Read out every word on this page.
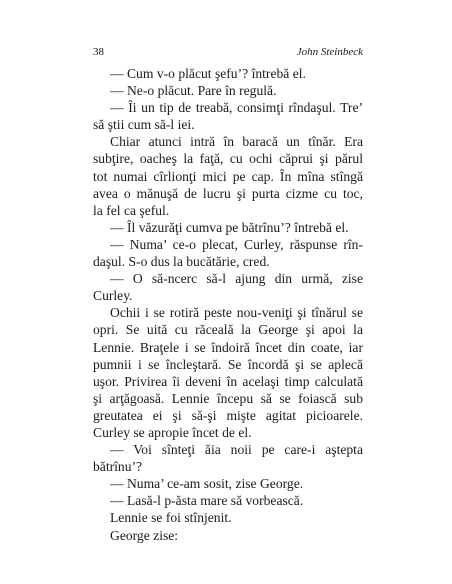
38	John Steinbeck
— Cum v-o plăcut şefu’? întrebă el.
— Ne-o plăcut. Pare în regulă.
— Îi un tip de treabă, consimţi rîndaşul. Tre’
să ştii cum să-l iei.
Chiar atunci intră în baracă un tînăr. Era
subţire, oacheş la faţă, cu ochi căprui şi părul
tot numai cîrlionţi mici pe cap. În mîna stîngă
avea o mănuşă de lucru şi purta cizme cu toc,
la fel ca şeful.
— Îl văzurăţi cumva pe bătrînu’? întrebă el.
— Numa’ ce-o plecat, Curley, răspunse rîn-
daşul. S-o dus la bucătărie, cred.
— O să-ncerc să-l ajung din urmă, zise
Curley.
Ochii i se rotiră peste nou-veniţi şi tînărul se
opri. Se uită cu răceală la George şi apoi la
Lennie. Braţele i se îndoiră încet din coate, iar
pumnii i se încleştară. Se încordă şi se aplecă
uşor. Privirea îi deveni în acelaşi timp calculată
şi arţăgoasă. Lennie începu să se foiască sub
greutatea ei şi să-şi mişte agitat picioarele.
Curley se apropie încet de el.
— Voi sînteţi ăia noii pe care-i aştepta
bătrînu’?
— Numa’ ce-am sosit, zise George.
— Lasă-l p-ăsta mare să vorbească.
Lennie se foi stînjenit.
George zise:
